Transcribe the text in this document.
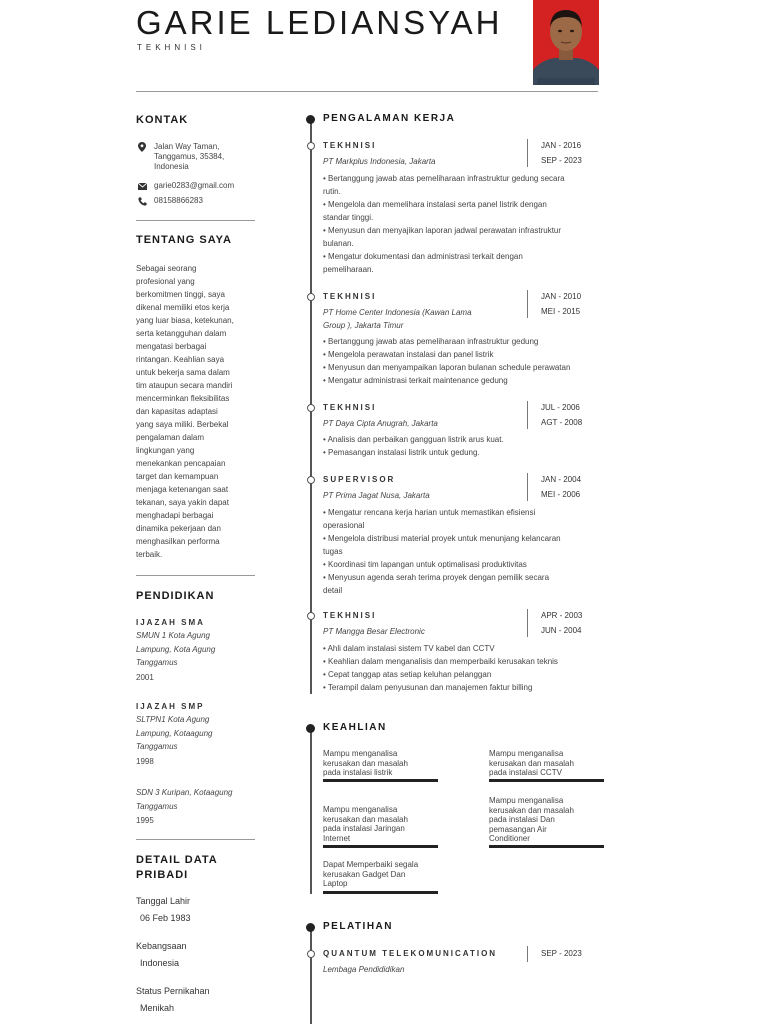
GARIE LEDIANSYAH
TEKHNISI
KONTAK
Jalan Way Taman,
Tanggamus, 35384,
Indonesia
garie0283@gmail.com
08158866283
TENTANG SAYA
Sebagai seorang
profesional yang
berkomitmen tinggi, saya
dikenal memiliki etos kerja
yang luar biasa, ketekunan,
serta ketangguhan dalam
mengatasi berbagai
rintangan. Keahlian saya
untuk bekerja sama dalam
tim ataupun secara mandiri
mencerminkan fleksibilitas
dan kapasitas adaptasi
yang saya miliki. Berbekal
pengalaman dalam
lingkungan yang
menekankan pencapaian
target dan kemampuan
menjaga ketenangan saat
tekanan, saya yakin dapat
menghadapi berbagai
dinamika pekerjaan dan
menghasilkan performa
terbaik.
PENDIDIKAN
IJAZAH SMA
SMUN 1 Kota Agung
Lampung, Kota Agung
Tanggamus
2001
IJAZAH SMP
SLTPN1 Kota Agung
Lampung, Kotaagung
Tanggamus
1998
SDN 3 Kuripan, Kotaagung
Tanggamus
1995
DETAIL DATA
PRIBADI
Tanggal Lahir
06 Feb 1983
Kebangsaan
Indonesia
Status Pernikahan
Menikah
PENGALAMAN KERJA
TEKHNISI
PT Markplus Indonesia, Jakarta
JAN - 2016
SEP - 2023
• Bertanggung jawab atas pemeliharaan infrastruktur gedung secara
rutin.
• Mengelola dan memelihara instalasi serta panel listrik dengan
standar tinggi.
• Menyusun dan menyajikan laporan jadwal perawatan infrastruktur
bulanan.
• Mengatur dokumentasi dan administrasi terkait dengan
pemeliharaan.
TEKHNISI
PT Home Center Indonesia (Kawan Lama
Group ), Jakarta Timur
JAN - 2010
MEI - 2015
• Bertanggung jawab atas pemeliharaan infrastruktur gedung
• Mengelola perawatan instalasi dan panel listrik
• Menyusun dan menyampaikan laporan bulanan schedule perawatan
• Mengatur administrasi terkait maintenance gedung
TEKHNISI
PT Daya Cipta Anugrah, Jakarta
JUL - 2006
AGT - 2008
• Analisis dan perbaikan gangguan listrik arus kuat.
• Pemasangan instalasi listrik untuk gedung.
SUPERVISOR
PT Prima Jagat Nusa, Jakarta
JAN - 2004
MEI - 2006
• Mengatur rencana kerja harian untuk memastikan efisiensi
operasional
• Mengelola distribusi material proyek untuk menunjang kelancaran
tugas
• Koordinasi tim lapangan untuk optimalisasi produktivitas
• Menyusun agenda serah terima proyek dengan pemilik secara
detail
TEKHNISI
PT Mangga Besar Electronic
APR - 2003
JUN - 2004
• Ahli dalam instalasi sistem TV kabel dan CCTV
• Keahlian dalam menganalisis dan memperbaiki kerusakan teknis
• Cepat tanggap atas setiap keluhan pelanggan
• Terampil dalam penyusunan dan manajemen faktur billing
KEAHLIAN
Mampu menganalisa
kerusakan dan masalah
pada instalasi listrik
Mampu menganalisa
kerusakan dan masalah
pada instalasi CCTV
Mampu menganalisa
kerusakan dan masalah
pada instalasi Jaringan
Internet
Mampu menganalisa
kerusakan dan masalah
pada instalasi Dan
pemasangan Air
Conditioner
Dapat Memperbaiki segala
kerusakan Gadget Dan
Laptop
PELATIHAN
QUANTUM TELEKOMUNICATION
Lembaga Pendididikan
SEP - 2023
